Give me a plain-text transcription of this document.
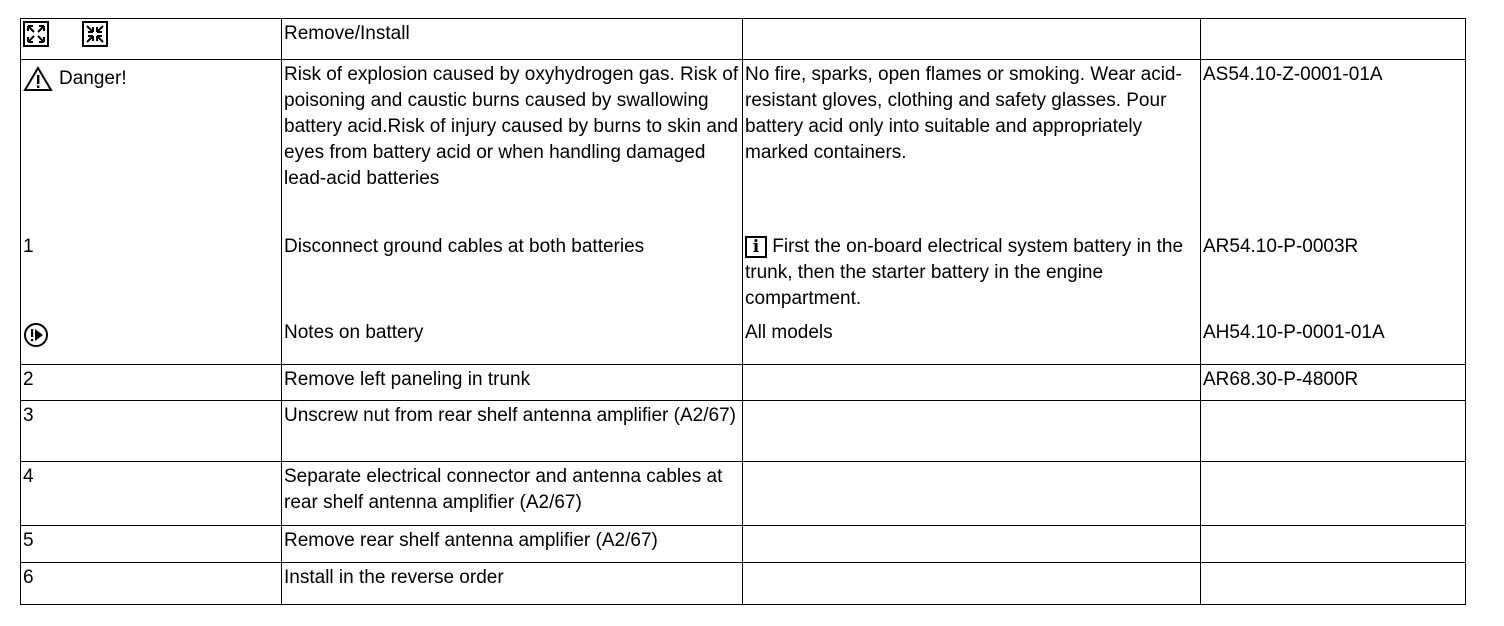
	Remove/Install		

Danger!	Risk of explosion caused by oxyhydrogen gas. Risk of poisoning and caustic burns caused by swallowing battery acid.Risk of injury caused by burns to skin and eyes from battery acid or when handling damaged lead-acid batteries	No fire, sparks, open flames or smoking. Wear acid-resistant gloves, clothing and safety glasses. Pour battery acid only into suitable and appropriately marked containers.	AS54.10-Z-0001-01A
1	Disconnect ground cables at both batteries	i First the on-board electrical system battery in the trunk, then the starter battery in the engine compartment.	AR54.10-P-0003R
	Notes on battery	All models	AH54.10-P-0001-01A
2	Remove left paneling in trunk		AR68.30-P-4800R
3	Unscrew nut from rear shelf antenna amplifier (A2/67)		
4	Separate electrical connector and antenna cables at rear shelf antenna amplifier (A2/67)		
5	Remove rear shelf antenna amplifier (A2/67)		
6	Install in the reverse order		
